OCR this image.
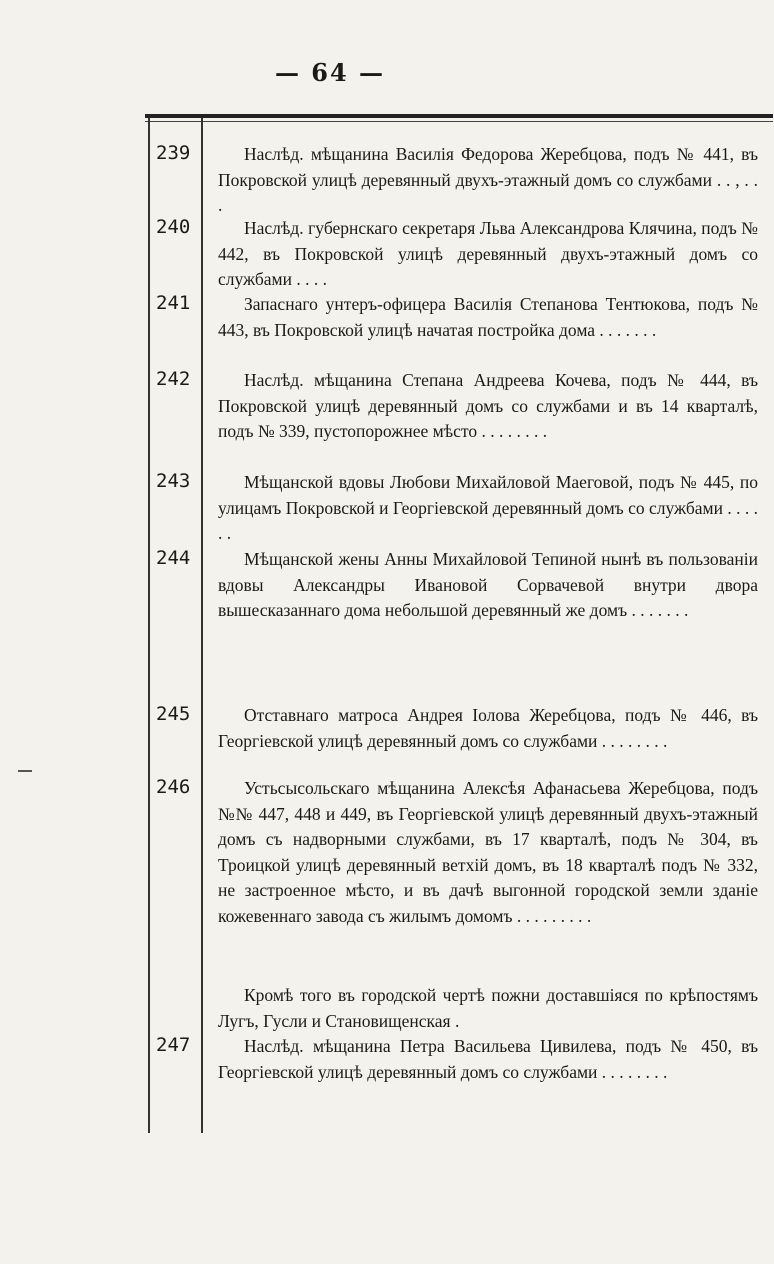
— 64 —
239	Наслѣд. мѣщанина Василія Федорова Жеребцова, подъ № 441, въ Покровской улицѣ деревянный двухъ-этажный домъ со службами . . , . . .
240	Наслѣд. губернскаго секретаря Льва Александрова Клячина, подъ № 442, въ Покровской улицѣ деревянный двухъ-этажный домъ со службами . . . .
241	Запаснаго унтеръ-офицера Василія Степанова Тентюкова, подъ № 443, въ Покровской улицѣ начатая постройка дома . . . . . . .
242	Наслѣд. мѣщанина Степана Андреева Кочева, подъ № 444, въ Покровской улицѣ деревянный домъ со службами и въ 14 кварталѣ, подъ № 339, пустопорожнее мѣсто . . . . . . . .
243	Мѣщанской вдовы Любови Михайловой Маеговой, подъ № 445, по улицамъ Покровской и Георгіевской деревянный домъ со службами . . . . . .
244	Мѣщанской жены Анны Михайловой Тепиной нынѣ въ пользованіи вдовы Александры Ивановой Сорвачевой внутри двора вышесказаннаго дома небольшой деревянный же домъ . . . . . . .
245	Отставнаго матроса Андрея Іолова Жеребцова, подъ № 446, въ Георгіевской улицѣ деревянный домъ со службами . . . . . . . .
246	Устьсысольскаго мѣщанина Алексѣя Афанасьева Жеребцова, подъ №№ 447, 448 и 449, въ Георгіевской улицѣ деревянный двухъ-этажный домъ съ надворными службами, въ 17 кварталѣ, подъ № 304, въ Троицкой улицѣ деревянный ветхій домъ, въ 18 кварталѣ подъ № 332, не застроенное мѣсто, и въ дачѣ выгонной городской земли зданіе кожевеннаго завода съ жилымъ домомъ . . . . . . . . .
Кромѣ того въ городской чертѣ пожни доставшіяся по крѣпостямъ Лугъ, Гусли и Становищенская .
247	Наслѣд. мѣщанина Петра Васильева Цивилева, подъ № 450, въ Георгіевской улицѣ деревянный домъ со службами . . . . . . . .
